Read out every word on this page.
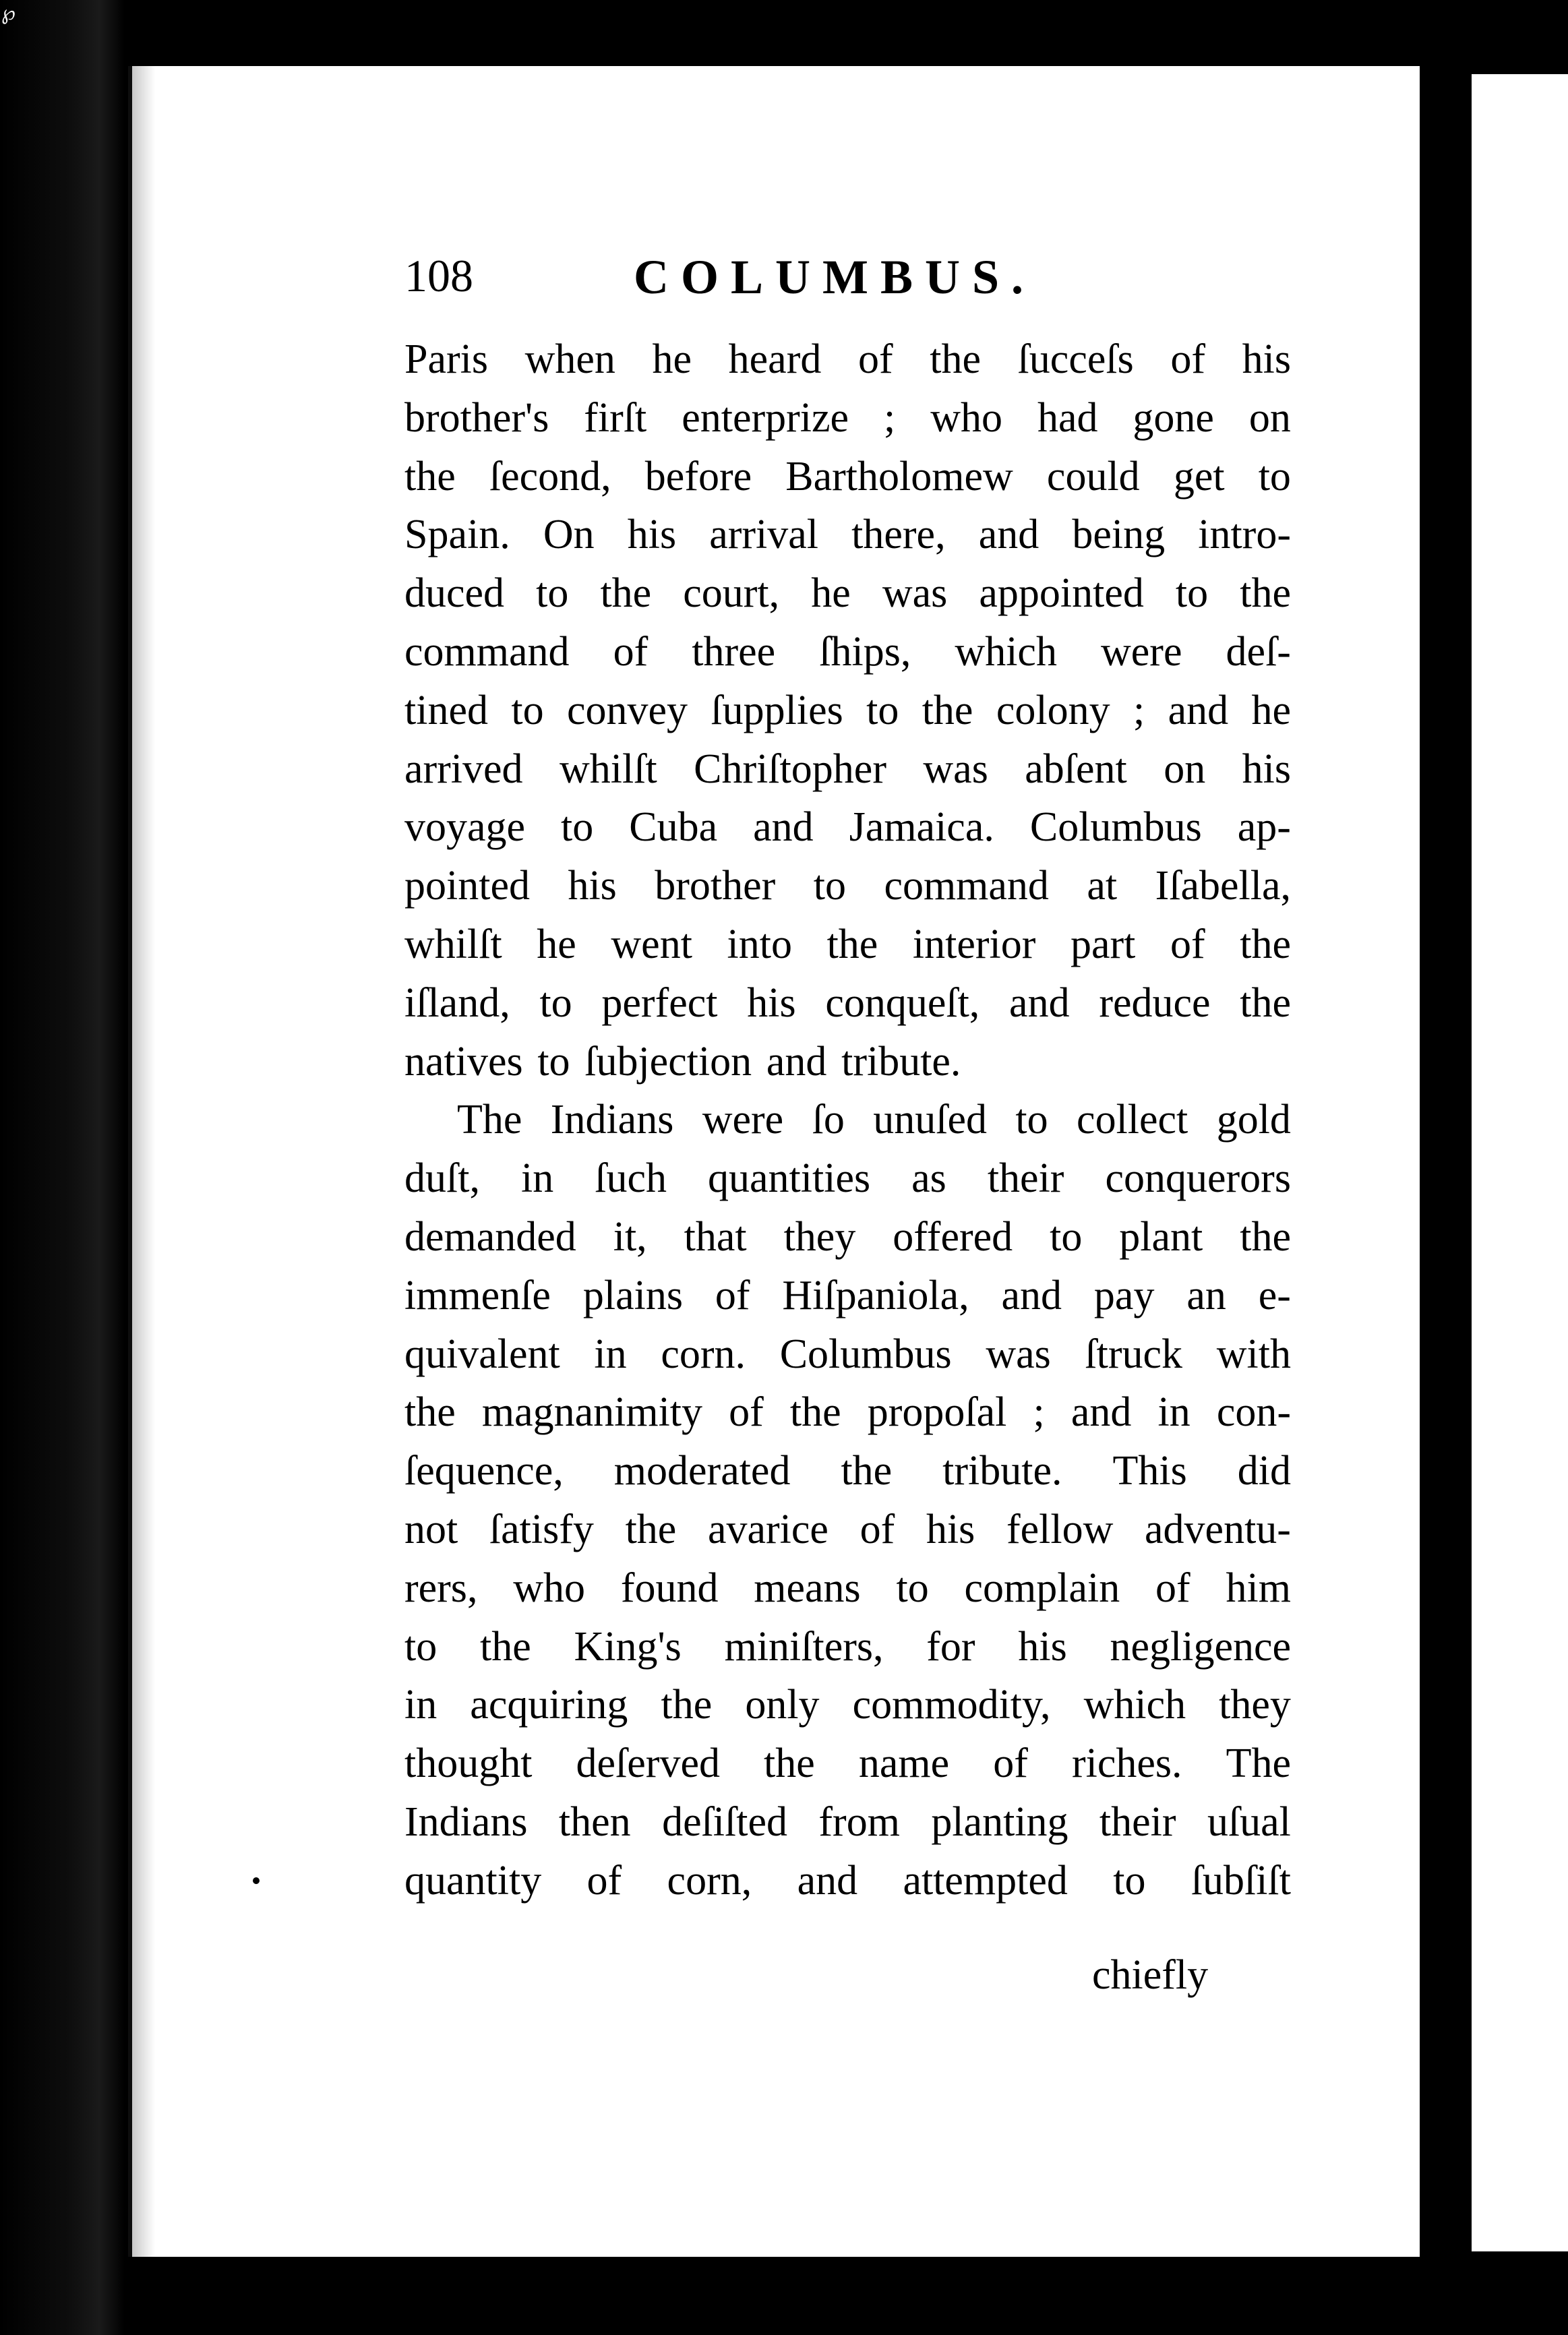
℘
108	COLUMBUS.
Paris when he heard of the ſucceſs of his
brother's firſt enterprize ; who had gone on
the ſecond, before Bartholomew could get to
Spain. On his arrival there, and being intro-
duced to the court, he was appointed to the
command of three ſhips, which were deſ-
tined to convey ſupplies to the colony ; and he
arrived whilſt Chriſtopher was abſent on his
voyage to Cuba and Jamaica. Columbus ap-
pointed his brother to command at Iſabella,
whilſt he went into the interior part of the
iſland, to perfect his conqueſt, and reduce the
natives to ſubjection and tribute.
The Indians were ſo unuſed to collect gold
duſt, in ſuch quantities as their conquerors
demanded it, that they offered to plant the
immenſe plains of Hiſpaniola, and pay an e-
quivalent in corn. Columbus was ſtruck with
the magnanimity of the propoſal ; and in con-
ſequence, moderated the tribute. This did
not ſatisfy the avarice of his fellow adventu-
rers, who found means to complain of him
to the King's miniſters, for his negligence
in acquiring the only commodity, which they
thought deſerved the name of riches. The
Indians then deſiſted from planting their uſual
quantity of corn, and attempted to ſubſiſt
chiefly
